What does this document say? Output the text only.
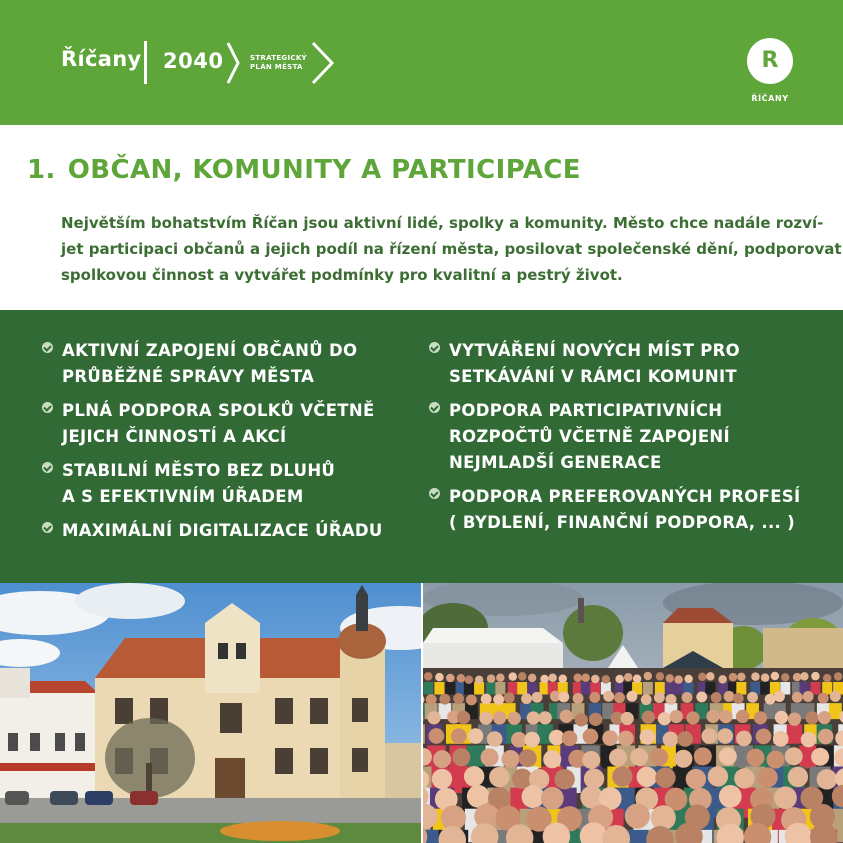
Říčany 2040	STRATEGICKÝ
PLÁN MĚSTA	R
ŘÍČANY
1. OBČAN, KOMUNITY A PARTICIPACE
Největším bohatstvím Říčan jsou aktivní lidé, spolky a komunity. Město chce nadále rozví-
jet participaci občanů a jejich podíl na řízení města, posilovat společenské dění, podporovat
spolkovou činnost a vytvářet podmínky pro kvalitní a pestrý život.
AKTIVNÍ ZAPOJENÍ OBČANŮ DO
PRŮBĚŽNÉ SPRÁVY MĚSTA
PLNÁ PODPORA SPOLKŮ VČETNĚ
JEJICH ČINNOSTÍ A AKCÍ
STABILNÍ MĚSTO BEZ DLUHŮ
A S EFEKTIVNÍM ÚŘADEM
MAXIMÁLNÍ DIGITALIZACE ÚŘADU
VYTVÁŘENÍ NOVÝCH MÍST PRO
SETKÁVÁNÍ V RÁMCI KOMUNIT
PODPORA PARTICIPATIVNÍCH
ROZPOČTŮ VČETNĚ ZAPOJENÍ
NEJMLADŠÍ GENERACE
PODPORA PREFEROVANÝCH PROFESÍ
( BYDLENÍ, FINANČNÍ PODPORA, ... )
